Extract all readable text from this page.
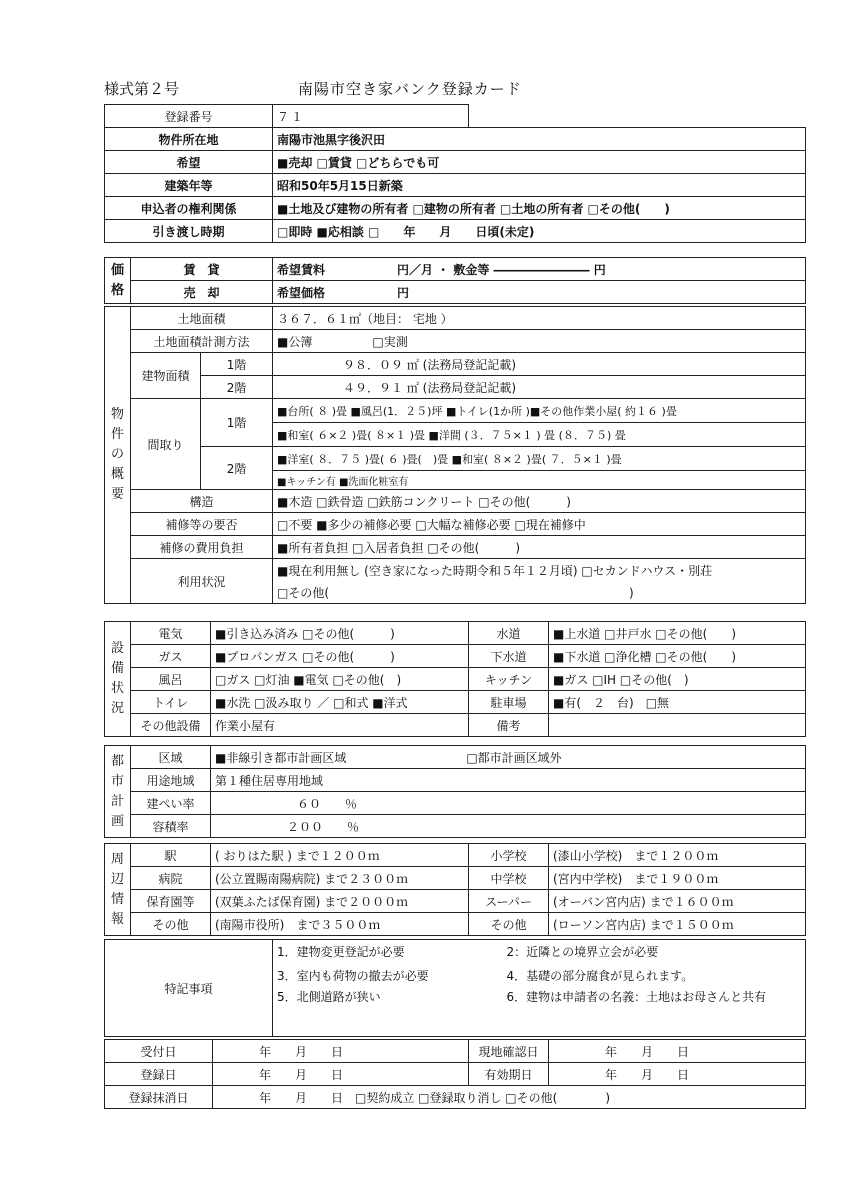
様式第２号	南陽市空き家バンク登録カード
登録番号	７１
物件所在地	南陽市池黒字後沢田
希望	■売却 □賃貸 □どちらでも可
建築年等	昭和50年5月15日新築
申込者の権利関係	■土地及び建物の所有者 □建物の所有者 □土地の所有者 □その他(　　)
引き渡し時期	□即時 ■応相談 □　　年　　月　　日頃(未定)
価格	賃　貸	希望賃料　　　　　　円／月 ・ 敷金等 ―――――――― 円
	売　却	希望価格　　　　　　円
物件の概要	土地面積		３６７．６１㎡（地目： 宅地 ）
	土地面積計測方法		■公簿　　　　　□実測
	建物面積	1階	９８．０９ ㎡ (法務局登記記載)
		2階	４９．９１ ㎡ (法務局登記記載)
	間取り	1階	■台所( ８ )畳 ■風呂(1．２５)坪 ■トイレ(1か所 )■その他作業小屋( 約１６ )畳
			■和室( ６×２ )畳( ８×１ )畳 ■洋間 (３．７５×１ ) 畳 (８．７５) 畳
		2階	■洋室( ８．７５ )畳( ６ )畳(　)畳 ■和室( ８×２ )畳( ７．５×１ )畳
			■キッチン有 ■洗面化粧室有
	構造		■木造 □鉄骨造 □鉄筋コンクリート □その他(　　　)
	補修等の要否		□不要 ■多少の補修必要 □大幅な補修必要 □現在補修中
	補修の費用負担		■所有者負担 □入居者負担 □その他(　　　)
	利用状況		■現在利用無し (空き家になった時期令和５年１２月頃) □セカンドハウス・別荘
			□その他(　　　　　　　　　　　　　　　　　　　　　　　　　)
設備状況	電気	■引き込み済み □その他(　　　)	水道	■上水道 □井戸水 □その他(　　)
	ガス	■プロパンガス □その他(　　　)	下水道	■下水道 □浄化槽 □その他(　　)
	風呂	□ガス □灯油 ■電気 □その他(　)	キッチン	■ガス □IH □その他(　)
	トイレ	■水洗 □汲み取り ／ □和式 ■洋式	駐車場	■有(　２　台)　□無
	その他設備	作業小屋有	備考	
都市計画	区域	■非線引き都市計画区域　　　　　　　　　　□都市計画区域外
	用途地域	第１種住居専用地域
	建ぺい率	６０　　％
	容積率	２００　　％
周辺情報	駅	( おりはた駅 ) まで１２００ｍ	小学校	(漆山小学校)　まで１２００ｍ
	病院	(公立置賜南陽病院) まで２３００ｍ	中学校	(宮内中学校)　まで１９００ｍ
	保育園等	(双葉ふたば保育園) まで２０００ｍ	スーパー	(オーバン宮内店) まで１６００ｍ
	その他	(南陽市役所)　まで３５００ｍ	その他	(ローソン宮内店) まで１５００ｍ
特記事項	1．建物変更登記が必要	2：近隣との境界立会が必要
	3．室内も荷物の撤去が必要	4．基礎の部分腐食が見られます。
	5．北側道路が狭い	6．建物は申請者の名義：土地はお母さんと共有
受付日	年　　月　　日	現地確認日	年　　月　　日
登録日	年　　月　　日	有効期日	年　　月　　日
登録抹消日	年　　月　　日　□契約成立 □登録取り消し □その他(　　　　)		
